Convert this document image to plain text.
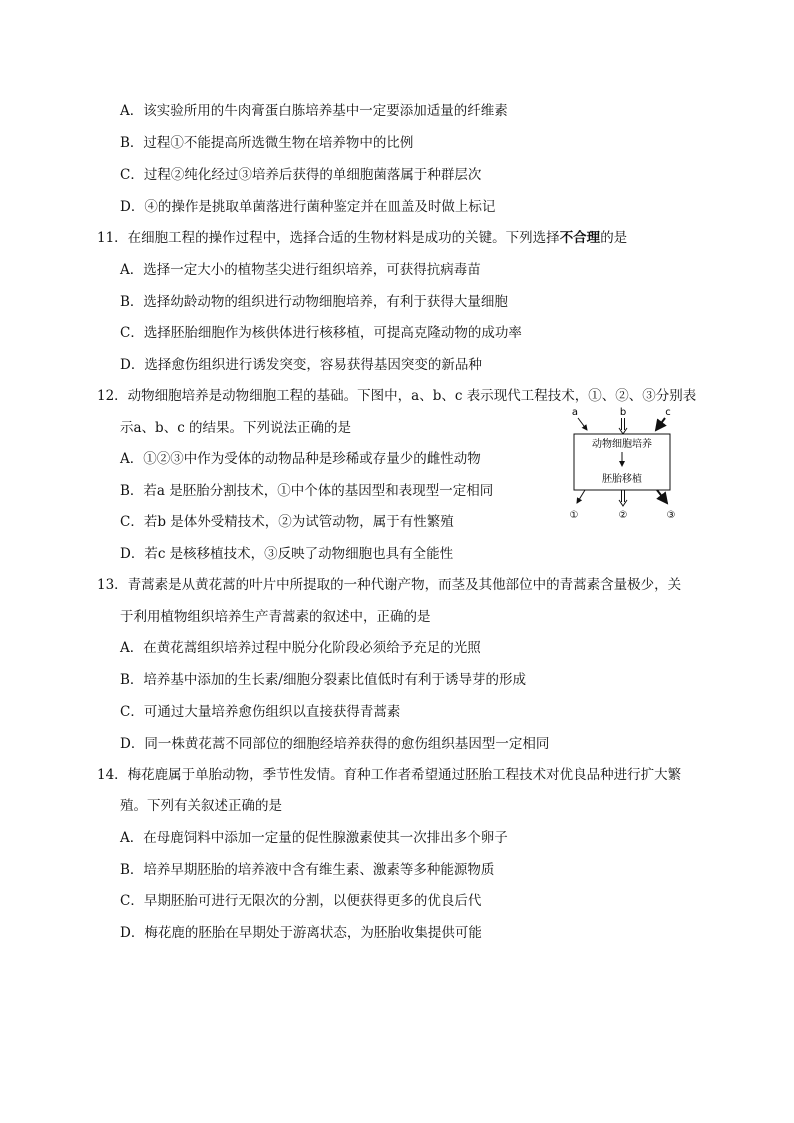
A．该实验所用的牛肉膏蛋白胨培养基中一定要添加适量的纤维素
B．过程①不能提高所选微生物在培养物中的比例
C．过程②纯化经过③培养后获得的单细胞菌落属于种群层次
D．④的操作是挑取单菌落进行菌种鉴定并在皿盖及时做上标记
11．在细胞工程的操作过程中，选择合适的生物材料是成功的关键。下列选择不合理的是
A．选择一定大小的植物茎尖进行组织培养，可获得抗病毒苗
B．选择幼龄动物的组织进行动物细胞培养，有利于获得大量细胞
C．选择胚胎细胞作为核供体进行核移植，可提高克隆动物的成功率
D．选择愈伤组织进行诱发突变，容易获得基因突变的新品种
12．动物细胞培养是动物细胞工程的基础。下图中，a、b、c 表示现代工程技术，①、②、③分别表
示a、b、c 的结果。下列说法正确的是
A．①②③中作为受体的动物品种是珍稀或存量少的雌性动物
B．若a 是胚胎分割技术，①中个体的基因型和表现型一定相同
C．若b 是体外受精技术，②为试管动物，属于有性繁殖
D．若c 是核移植技术，③反映了动物细胞也具有全能性
a	b	c
动物细胞培养
胚胎移植
①	②	③
13．青蒿素是从黄花蒿的叶片中所提取的一种代谢产物，而茎及其他部位中的青蒿素含量极少，关
于利用植物组织培养生产青蒿素的叙述中，正确的是
A．在黄花蒿组织培养过程中脱分化阶段必须给予充足的光照
B．培养基中添加的生长素/细胞分裂素比值低时有利于诱导芽的形成
C．可通过大量培养愈伤组织以直接获得青蒿素
D．同一株黄花蒿不同部位的细胞经培养获得的愈伤组织基因型一定相同
14．梅花鹿属于单胎动物，季节性发情。育种工作者希望通过胚胎工程技术对优良品种进行扩大繁
殖。下列有关叙述正确的是
A．在母鹿饲料中添加一定量的促性腺激素使其一次排出多个卵子
B．培养早期胚胎的培养液中含有维生素、激素等多种能源物质
C．早期胚胎可进行无限次的分割，以便获得更多的优良后代
D．梅花鹿的胚胎在早期处于游离状态，为胚胎收集提供可能
